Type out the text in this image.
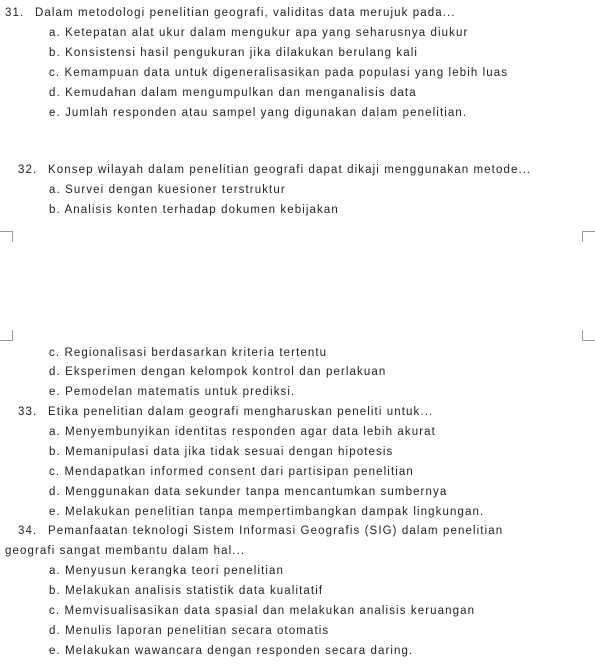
31. Dalam metodologi penelitian geografi, validitas data merujuk pada...
a. Ketepatan alat ukur dalam mengukur apa yang seharusnya diukur
b. Konsistensi hasil pengukuran jika dilakukan berulang kali
c. Kemampuan data untuk digeneralisasikan pada populasi yang lebih luas
d. Kemudahan dalam mengumpulkan dan menganalisis data
e. Jumlah responden atau sampel yang digunakan dalam penelitian.
32. Konsep wilayah dalam penelitian geografi dapat dikaji menggunakan metode...
a. Survei dengan kuesioner terstruktur
b. Analisis konten terhadap dokumen kebijakan
c. Regionalisasi berdasarkan kriteria tertentu
d. Eksperimen dengan kelompok kontrol dan perlakuan
e. Pemodelan matematis untuk prediksi.
33. Etika penelitian dalam geografi mengharuskan peneliti untuk...
a. Menyembunyikan identitas responden agar data lebih akurat
b. Memanipulasi data jika tidak sesuai dengan hipotesis
c. Mendapatkan informed consent dari partisipan penelitian
d. Menggunakan data sekunder tanpa mencantumkan sumbernya
e. Melakukan penelitian tanpa mempertimbangkan dampak lingkungan.
34. Pemanfaatan teknologi Sistem Informasi Geografis (SIG) dalam penelitian
geografi sangat membantu dalam hal...
a. Menyusun kerangka teori penelitian
b. Melakukan analisis statistik data kualitatif
c. Memvisualisasikan data spasial dan melakukan analisis keruangan
d. Menulis laporan penelitian secara otomatis
e. Melakukan wawancara dengan responden secara daring.
